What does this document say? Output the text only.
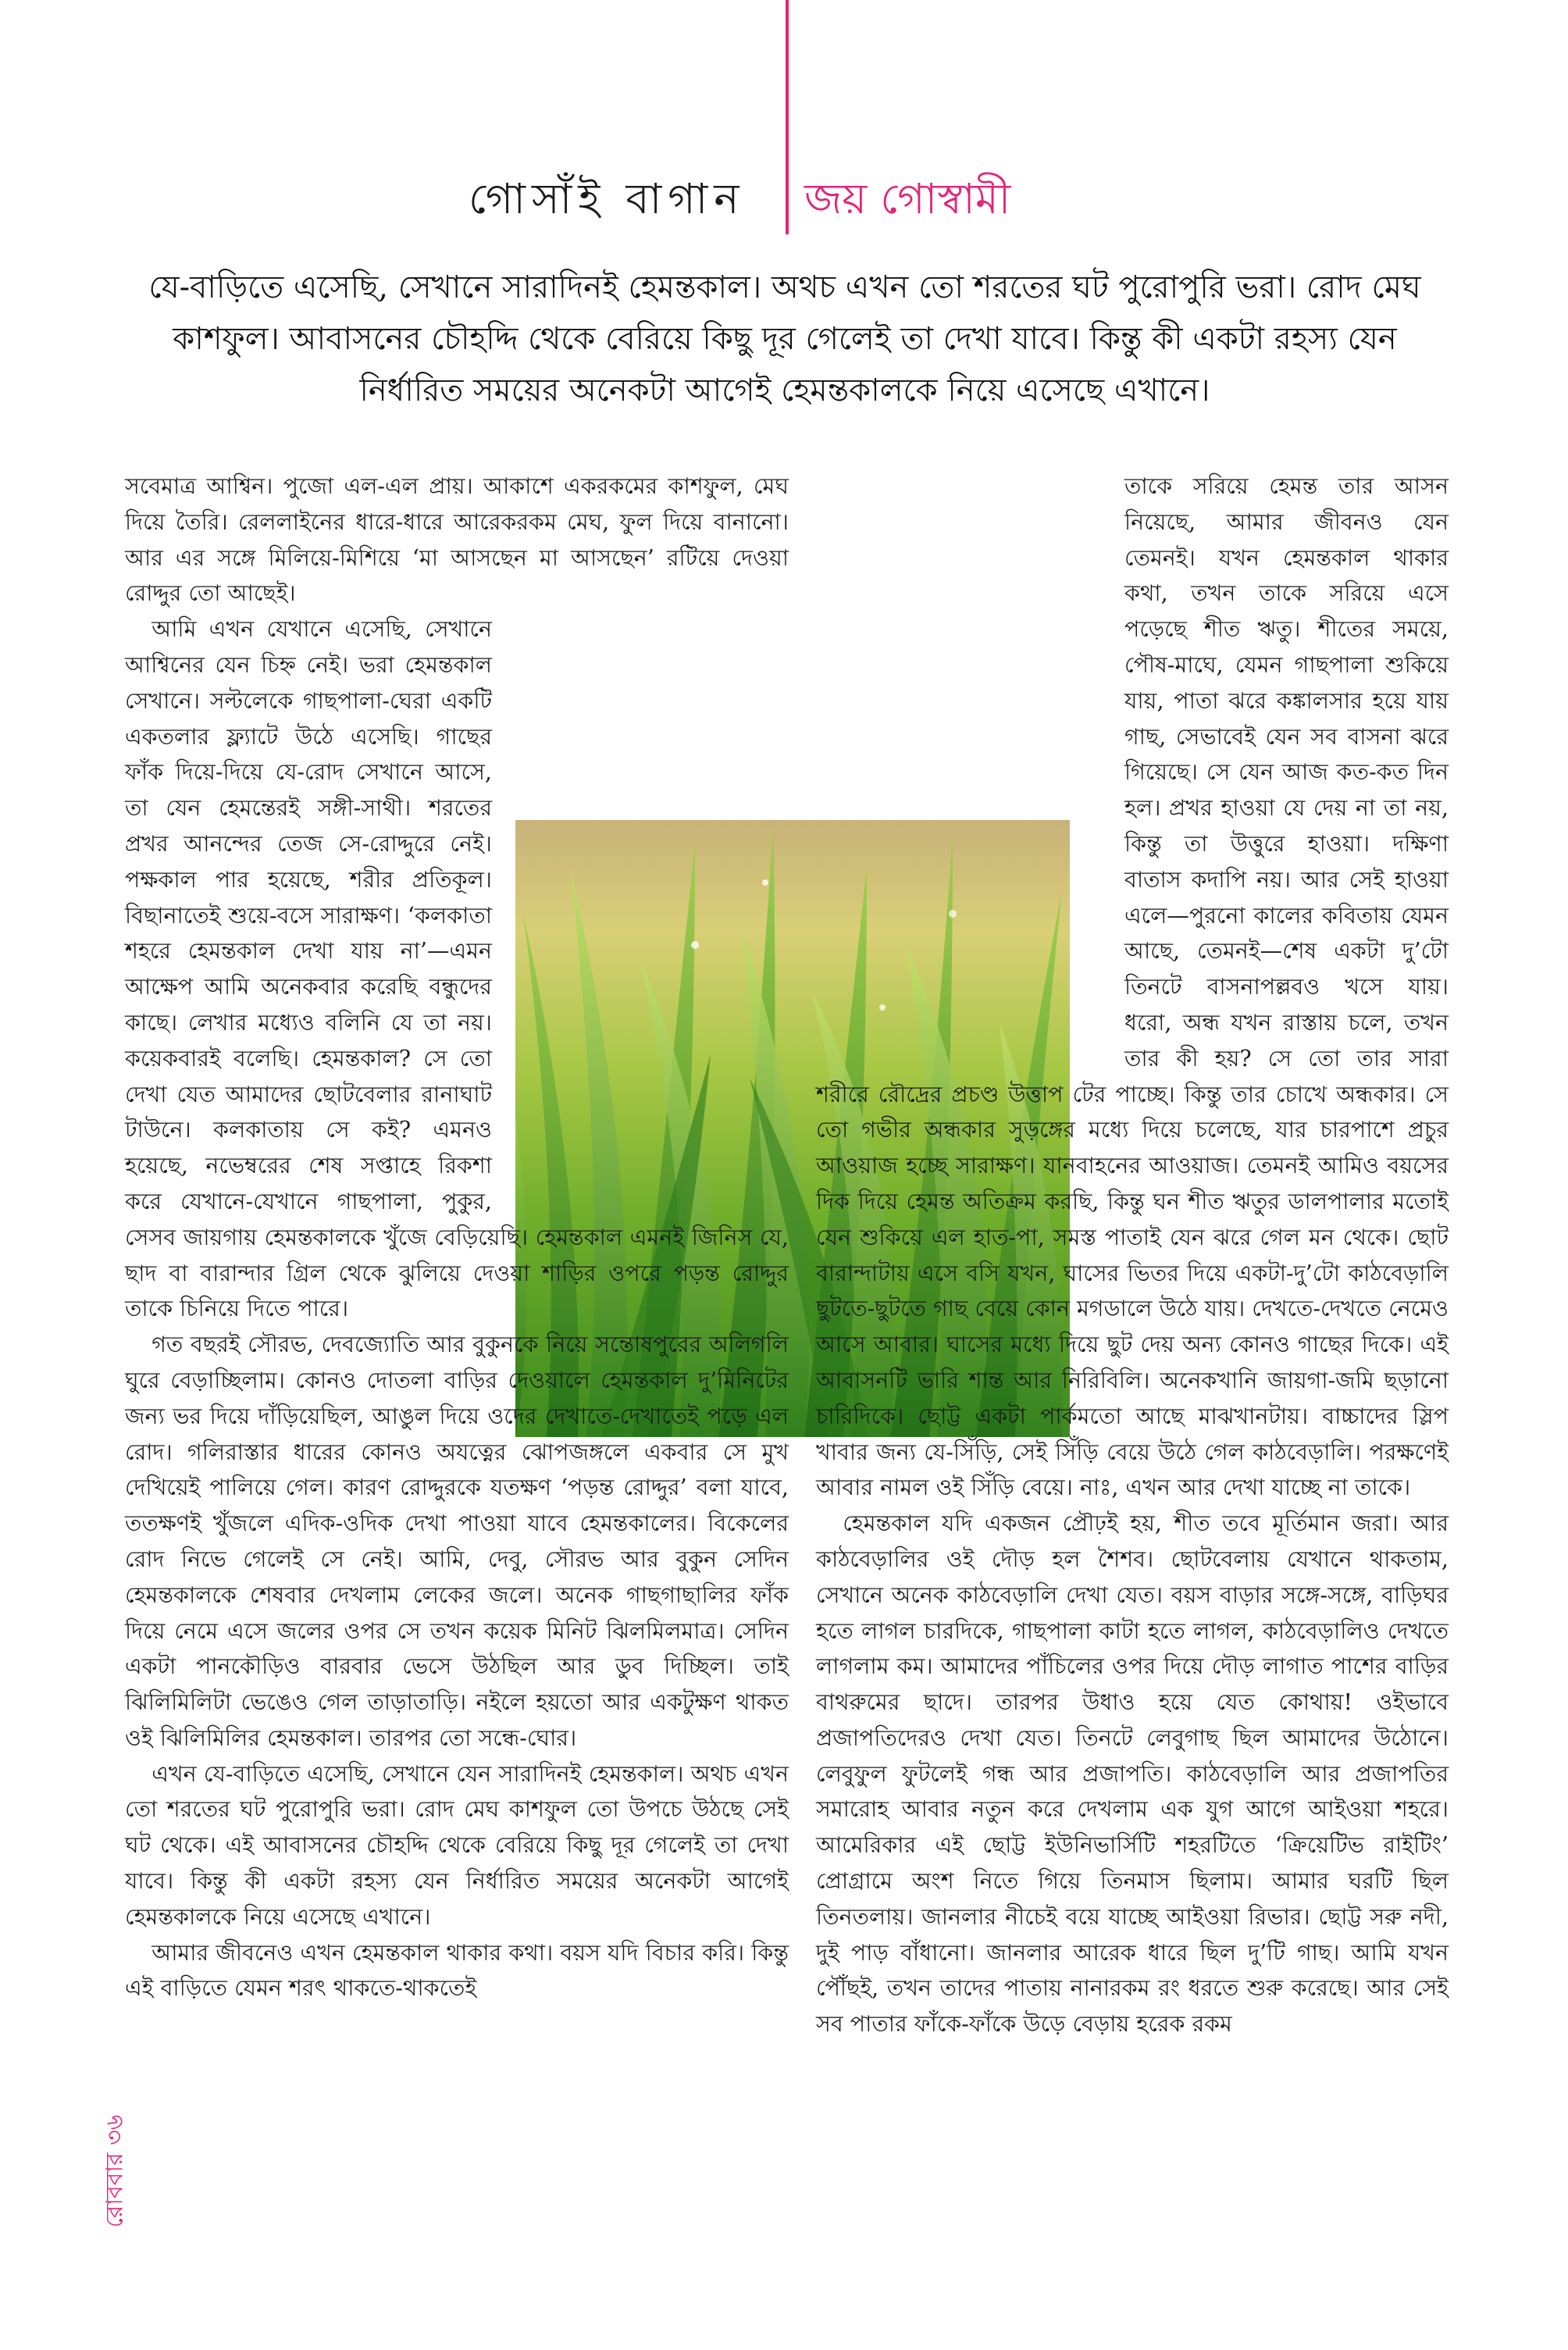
গোসাঁই বাগান জয় গোস্বামী
যে-বাড়িতে এসেছি, সেখানে সারাদিনই হেমন্তকাল। অথচ এখন তো শরতের ঘট পুরোপুরি ভরা। রোদ মেঘ কাশফুল। আবাসনের চৌহদ্দি থেকে বেরিয়ে কিছু দূর গেলেই তা দেখা যাবে। কিন্তু কী একটা রহস্য যেন নির্ধারিত সময়ের অনেকটা আগেই হেমন্তকালকে নিয়ে এসেছে এখানে।

সবেমাত্র আশ্বিন। পুজো এল-এল প্রায়। আকাশে একরকমের কাশফুল, মেঘ দিয়ে তৈরি। রেললাইনের ধারে-ধারে আরেকরকম মেঘ, ফুল দিয়ে বানানো। আর এর সঙ্গে মিলিয়ে-মিশিয়ে ‘মা আসছেন মা আসছেন’ রটিয়ে দেওয়া রোদ্দুর তো আছেই।

আমি এখন যেখানে এসেছি, সেখানে আশ্বিনের যেন চিহ্ন নেই। ভরা হেমন্তকাল সেখানে। সল্টলেকে গাছপালা-ঘেরা একটি একতলার ফ্ল্যাটে উঠে এসেছি। গাছের ফাঁক দিয়ে-দিয়ে যে-রোদ সেখানে আসে, তা যেন হেমন্তেরই সঙ্গী-সাথী। শরতের প্রখর আনন্দের তেজ সে-রোদ্দুরে নেই। পক্ষকাল পার হয়েছে, শরীর প্রতিকূল। বিছানাতেই শুয়ে-বসে সারাক্ষণ। ‘কলকাতা শহরে হেমন্তকাল দেখা যায় না’—এমন আক্ষেপ আমি অনেকবার করেছি বন্ধুদের কাছে। লেখার মধ্যেও বলিনি যে তা নয়। কয়েকবারই বলেছি। হেমন্তকাল? সে তো দেখা যেত আমাদের ছোটবেলার রানাঘাট টাউনে। কলকাতায় সে কই? এমনও হয়েছে, নভেম্বরের শেষ সপ্তাহে রিকশা করে যেখানে-যেখানে গাছপালা, পুকুর, সেসব জায়গায় হেমন্তকালকে খুঁজে বেড়িয়েছি। হেমন্তকাল এমনই জিনিস যে, ছাদ বা বারান্দার গ্রিল থেকে ঝুলিয়ে দেওয়া শাড়ির ওপরে পড়ন্ত রোদ্দুর তাকে চিনিয়ে দিতে পারে।

গত বছরই সৌরভ, দেবজ্যোতি আর বুকুনকে নিয়ে সন্তোষপুরের অলিগলি ঘুরে বেড়াচ্ছিলাম। কোনও দোতলা বাড়ির দেওয়ালে হেমন্তকাল দু’মিনিটের জন্য ভর দিয়ে দাঁড়িয়েছিল, আঙুল দিয়ে ওদের দেখাতে-দেখাতেই পড়ে এল রোদ। গলিরাস্তার ধারের কোনও অযত্নের ঝোপজঙ্গলে একবার সে মুখ দেখিয়েই পালিয়ে গেল। কারণ রোদ্দুরকে যতক্ষণ ‘পড়ন্ত রোদ্দুর’ বলা যাবে, ততক্ষণই খুঁজলে এদিক-ওদিক দেখা পাওয়া যাবে হেমন্তকালের। বিকেলের রোদ নিভে গেলেই সে নেই। আমি, দেবু, সৌরভ আর বুকুন সেদিন হেমন্তকালকে শেষবার দেখলাম লেকের জলে। অনেক গাছগাছালির ফাঁক দিয়ে নেমে এসে জলের ওপর সে তখন কয়েক মিনিট ঝিলমিলমাত্র। সেদিন একটা পানকৌড়িও বারবার ভেসে উঠছিল আর ডুব দিচ্ছিল। তাই ঝিলিমিলিটা ভেঙেও গেল তাড়াতাড়ি। নইলে হয়তো আর একটুক্ষণ থাকত ওই ঝিলিমিলির হেমন্তকাল। তারপর তো সন্ধে-ঘোর।

এখন যে-বাড়িতে এসেছি, সেখানে যেন সারাদিনই হেমন্তকাল। অথচ এখন তো শরতের ঘট পুরোপুরি ভরা। রোদ মেঘ কাশফুল তো উপচে উঠছে সেই ঘট থেকে। এই আবাসনের চৌহদ্দি থেকে বেরিয়ে কিছু দূর গেলেই তা দেখা যাবে। কিন্তু কী একটা রহস্য যেন নির্ধারিত সময়ের অনেকটা আগেই হেমন্তকালকে নিয়ে এসেছে এখানে।

আমার জীবনেও এখন হেমন্তকাল থাকার কথা। বয়স যদি বিচার করি। কিন্তু এই বাড়িতে যেমন শরৎ থাকতে-থাকতেই

তাকে সরিয়ে হেমন্ত তার আসন নিয়েছে, আমার জীবনও যেন তেমনই। যখন হেমন্তকাল থাকার কথা, তখন তাকে সরিয়ে এসে পড়েছে শীত ঋতু। শীতের সময়ে, পৌষ-মাঘে, যেমন গাছপালা শুকিয়ে যায়, পাতা ঝরে কঙ্কালসার হয়ে যায় গাছ, সেভাবেই যেন সব বাসনা ঝরে গিয়েছে। সে যেন আজ কত-কত দিন হল। প্রখর হাওয়া যে দেয় না তা নয়, কিন্তু তা উত্তুরে হাওয়া। দক্ষিণা বাতাস কদাপি নয়। আর সেই হাওয়া এলে—পুরনো কালের কবিতায় যেমন আছে, তেমনই—শেষ একটা দু’টো তিনটে বাসনাপল্লবও খসে যায়। ধরো, অন্ধ যখন রাস্তায় চলে, তখন তার কী হয়? সে তো তার সারা শরীরে রৌদ্রের প্রচণ্ড উত্তাপ টের পাচ্ছে। কিন্তু তার চোখে অন্ধকার। সে তো গভীর অন্ধকার সুড়ঙ্গের মধ্যে দিয়ে চলেছে, যার চারপাশে প্রচুর আওয়াজ হচ্ছে সারাক্ষণ। যানবাহনের আওয়াজ। তেমনই আমিও বয়সের দিক দিয়ে হেমন্ত অতিক্রম করছি, কিন্তু ঘন শীত ঋতুর ডালপালার মতোই যেন শুকিয়ে এল হাত-পা, সমস্ত পাতাই যেন ঝরে গেল মন থেকে। ছোট বারান্দাটায় এসে বসি যখন, ঘাসের ভিতর দিয়ে একটা-দু’টো কাঠবেড়ালি ছুটতে-ছুটতে গাছ বেয়ে কোন মগডালে উঠে যায়। দেখতে-দেখতে নেমেও আসে আবার। ঘাসের মধ্যে দিয়ে ছুট দেয় অন্য কোনও গাছের দিকে। এই আবাসনটি ভারি শান্ত আর নিরিবিলি। অনেকখানি জায়গা-জমি ছড়ানো চারিদিকে। ছোট্ট একটা পার্কমতো আছে মাঝখানটায়। বাচ্চাদের স্লিপ খাবার জন্য যে-সিঁড়ি, সেই সিঁড়ি বেয়ে উঠে গেল কাঠবেড়ালি। পরক্ষণেই আবার নামল ওই সিঁড়ি বেয়ে। নাঃ, এখন আর দেখা যাচ্ছে না তাকে।

হেমন্তকাল যদি একজন প্রৌঢ়ই হয়, শীত তবে মূর্তিমান জরা। আর কাঠবেড়ালির ওই দৌড় হল শৈশব। ছোটবেলায় যেখানে থাকতাম, সেখানে অনেক কাঠবেড়ালি দেখা যেত। বয়স বাড়ার সঙ্গে-সঙ্গে, বাড়িঘর হতে লাগল চারদিকে, গাছপালা কাটা হতে লাগল, কাঠবেড়ালিও দেখতে লাগলাম কম। আমাদের পাঁচিলের ওপর দিয়ে দৌড় লাগাত পাশের বাড়ির বাথরুমের ছাদে। তারপর উধাও হয়ে যেত কোথায়! ওইভাবে প্রজাপতিদেরও দেখা যেত। তিনটে লেবুগাছ ছিল আমাদের উঠোনে। লেবুফুল ফুটলেই গন্ধ আর প্রজাপতি। কাঠবেড়ালি আর প্রজাপতির সমারোহ আবার নতুন করে দেখলাম এক যুগ আগে আইওয়া শহরে। আমেরিকার এই ছোট্ট ইউনিভার্সিটি শহরটিতে ‘ক্রিয়েটিভ রাইটিং’ প্রোগ্রামে অংশ নিতে গিয়ে তিনমাস ছিলাম। আমার ঘরটি ছিল তিনতলায়। জানলার নীচেই বয়ে যাচ্ছে আইওয়া রিভার। ছোট্ট সরু নদী, দুই পাড় বাঁধানো। জানলার আরেক ধারে ছিল দু’টি গাছ। আমি যখন পৌঁছই, তখন তাদের পাতায় নানারকম রং ধরতে শুরু করেছে। আর সেই সব পাতার ফাঁকে-ফাঁকে উড়ে বেড়ায় হরেক রকম

রোববার ৩৬
